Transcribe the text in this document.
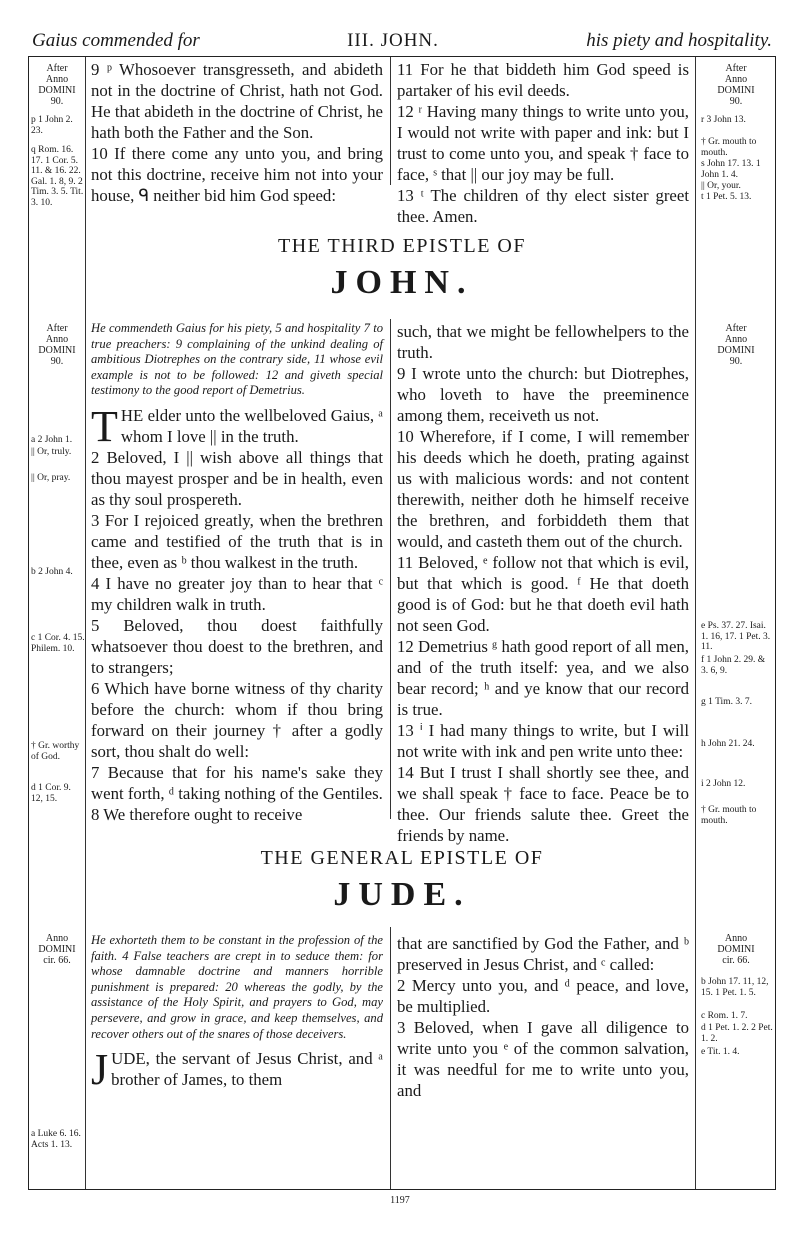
Gaius commended for	III. JOHN.	his piety and hospitality.
After
Anno
DOMINI
90.
p 1 John 2. 23.
q Rom. 16. 17. 1 Cor. 5. 11. & 16. 22. Gal. 1. 8, 9. 2 Tim. 3. 5. Tit. 3. 10.

9 ᵖ Whosoever transgresseth, and abideth not in the doctrine of Christ, hath not God. He that abideth in the doctrine of Christ, he hath both the Father and the Son.

10 If there come any unto you, and bring not this doctrine, receive him not into your house, ᑫ neither bid him God speed:

11 For he that biddeth him God speed is partaker of his evil deeds.

12 ʳ Having many things to write unto you, I would not write with paper and ink: but I trust to come unto you, and speak † face to face, ˢ that || our joy may be full.

13 ᵗ The children of thy elect sister greet thee. Amen.

After
Anno
DOMINI
90.
r 3 John 13.
† Gr. mouth to mouth.
s John 17. 13. 1 John 1. 4.
|| Or, your.
t 1 Pet. 5. 13.
THE THIRD EPISTLE OF
JOHN.
After
Anno
DOMINI
90.
a 2 John 1.
|| Or, truly.
|| Or, pray.
b 2 John 4.
c 1 Cor. 4. 15. Philem. 10.
† Gr. worthy of God.
d 1 Cor. 9. 12, 15.

He commendeth Gaius for his piety, 5 and hospitality 7 to true preachers: 9 complaining of the unkind dealing of ambitious Diotrephes on the contrary side, 11 whose evil example is not to be followed: 12 and giveth special testimony to the good report of Demetrius.

THE elder unto the wellbeloved Gaius, ᵃ whom I love || in the truth.

2 Beloved, I || wish above all things that thou mayest prosper and be in health, even as thy soul prospereth.

3 For I rejoiced greatly, when the brethren came and testified of the truth that is in thee, even as ᵇ thou walkest in the truth.

4 I have no greater joy than to hear that ᶜ my children walk in truth.

5 Beloved, thou doest faithfully whatsoever thou doest to the brethren, and to strangers;

6 Which have borne witness of thy charity before the church: whom if thou bring forward on their journey † after a godly sort, thou shalt do well:

7 Because that for his name's sake they went forth, ᵈ taking nothing of the Gentiles.

8 We therefore ought to receive

such, that we might be fellowhelpers to the truth.

9 I wrote unto the church: but Diotrephes, who loveth to have the preeminence among them, receiveth us not.

10 Wherefore, if I come, I will remember his deeds which he doeth, prating against us with malicious words: and not content therewith, neither doth he himself receive the brethren, and forbiddeth them that would, and casteth them out of the church.

11 Beloved, ᵉ follow not that which is evil, but that which is good. ᶠ He that doeth good is of God: but he that doeth evil hath not seen God.

12 Demetrius ᵍ hath good report of all men, and of the truth itself: yea, and we also bear record; ʰ and ye know that our record is true.

13 ⁱ I had many things to write, but I will not write with ink and pen write unto thee:

14 But I trust I shall shortly see thee, and we shall speak † face to face. Peace be to thee. Our friends salute thee. Greet the friends by name.

After
Anno
DOMINI
90.
e Ps. 37. 27. Isai. 1. 16, 17. 1 Pet. 3. 11.
f 1 John 2. 29. & 3. 6, 9.
g 1 Tim. 3. 7.
h John 21. 24.
i 2 John 12.
† Gr. mouth to mouth.
THE GENERAL EPISTLE OF
JUDE.
Anno
DOMINI
cir. 66.
a Luke 6. 16. Acts 1. 13.

He exhorteth them to be constant in the profession of the faith. 4 False teachers are crept in to seduce them: for whose damnable doctrine and manners horrible punishment is prepared: 20 whereas the godly, by the assistance of the Holy Spirit, and prayers to God, may persevere, and grow in grace, and keep themselves, and recover others out of the snares of those deceivers.

JUDE, the servant of Jesus Christ, and ᵃ brother of James, to them

that are sanctified by God the Father, and ᵇ preserved in Jesus Christ, and ᶜ called:

2 Mercy unto you, and ᵈ peace, and love, be multiplied.

3 Beloved, when I gave all diligence to write unto you ᵉ of the common salvation, it was needful for me to write unto you, and

Anno
DOMINI
cir. 66.
b John 17. 11, 12, 15. 1 Pet. 1. 5.
c Rom. 1. 7.
d 1 Pet. 1. 2. 2 Pet. 1. 2.
e Tit. 1. 4.
1197
